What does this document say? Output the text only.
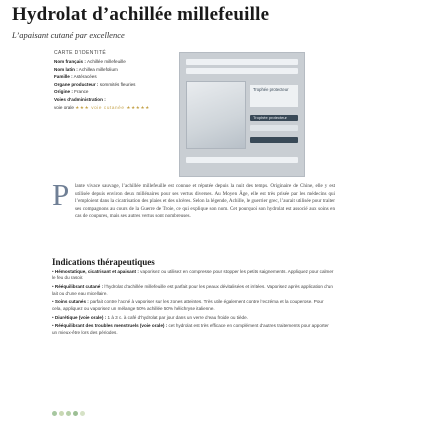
Hydrolat d’achillée millefeuille
L’apaisant cutané par excellence
CARTE D’IDENTITÉ
Nom français : Achillée millefeuille
Nom latin : Achillea millefolium
Famille : Astéracées
Organe producteur : sommités fleuries
Origine : France
Voies d’administration :
voie orale ★★★ voie cutanée ★★★★★
Trophée protecteur
Trophée protecteur
P	lante vivace sauvage, l’achillée millefeuille est connue et réputée depuis la nuit des temps. Originaire de Chine, elle y est utilisée depuis environ deux millénaires pour ses vertus diverses. Au Moyen Âge, elle est très prisée par les médecins qui l’emploient dans la cicatrisation des plaies et des ulcères. Selon la légende, Achille, le guerrier grec, l’aurait utilisée pour traiter ses compagnons au cours de la Guerre de Troie, ce qui explique son nom. Cet pourquoi son hydrolat est associé aux soins en cas de coupures, mais ses autres vertus sont nombreuses.
Indications thérapeutiques
• Hémostatique, cicatrisant et apaisant : vaporisez ou utilisez en compresse pour stopper les petits saignements. Appliquez pour calmer le feu du rasoir.
• Rééquilibrant cutané : l’hydrolat d’achillée millefeuille est parfait pour les peaux dévitalisées et irritées. Vaporisez après application d’un lait ou d’une eau micellaire.
• Soins cutanés : parfait contre l’acné à vaporiser sur les zones atteintes. Très utile également contre l’eczéma et la couperose. Pour cela, appliquez ou vaporisez un mélange 50% achillée 50% hélichryse italienne.
• Diurétique (voie orale) : 1 à 3 c. à café d’hydrolat par jour dans un verre d’eau froide ou tiède.
• Rééquilibrant des troubles menstruels (voie orale) : cet hydrolat est très efficace en complément d’autres traitements pour apporter un mieux-être lors des périodes.
